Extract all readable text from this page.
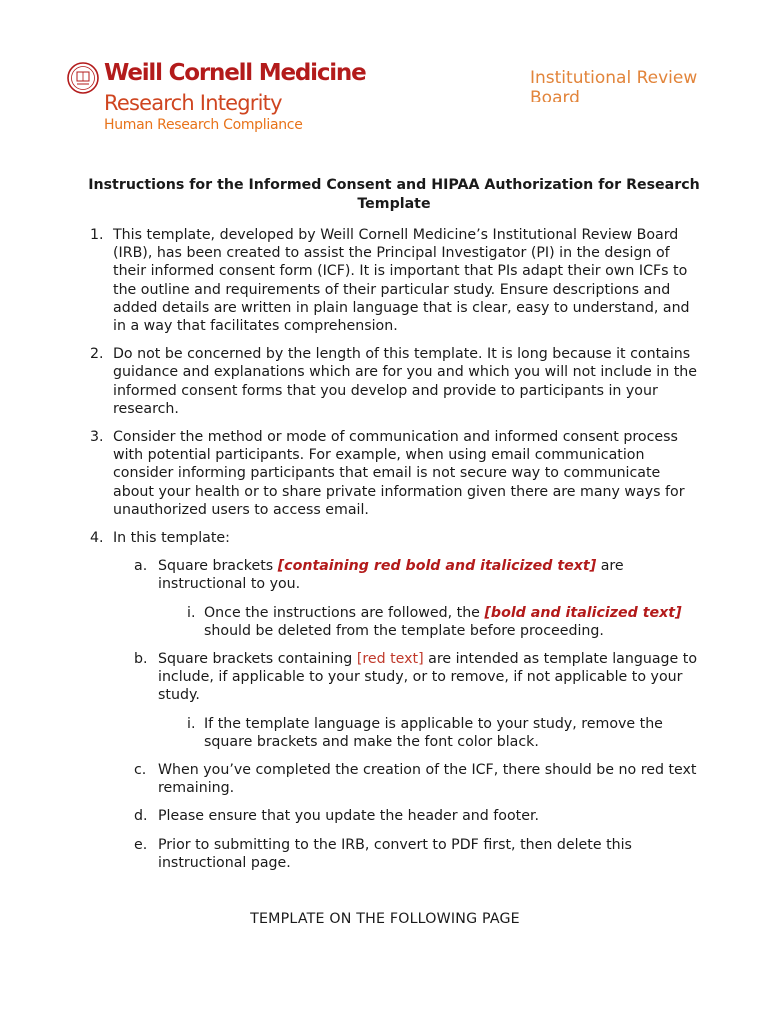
Weill Cornell Medicine
Research Integrity
Human Research Compliance
Institutional Review Board
Instructions for the Informed Consent and HIPAA Authorization for Research Template
1. This template, developed by Weill Cornell Medicine’s Institutional Review Board (IRB), has been created to assist the Principal Investigator (PI) in the design of their informed consent form (ICF). It is important that PIs adapt their own ICFs to the outline and requirements of their particular study. Ensure descriptions and added details are written in plain language that is clear, easy to understand, and in a way that facilitates comprehension.
2. Do not be concerned by the length of this template. It is long because it contains guidance and explanations which are for you and which you will not include in the informed consent forms that you develop and provide to participants in your research.
3. Consider the method or mode of communication and informed consent process with potential participants. For example, when using email communication consider informing participants that email is not secure way to communicate about your health or to share private information given there are many ways for unauthorized users to access email.
4. In this template:
a. Square brackets [containing red bold and italicized text] are instructional to you.
i. Once the instructions are followed, the [bold and italicized text] should be deleted from the template before proceeding.
b. Square brackets containing [red text] are intended as template language to include, if applicable to your study, or to remove, if not applicable to your study.
i. If the template language is applicable to your study, remove the square brackets and make the font color black.
c. When you’ve completed the creation of the ICF, there should be no red text remaining.
d. Please ensure that you update the header and footer.
e. Prior to submitting to the IRB, convert to PDF first, then delete this instructional page.
TEMPLATE ON THE FOLLOWING PAGE
